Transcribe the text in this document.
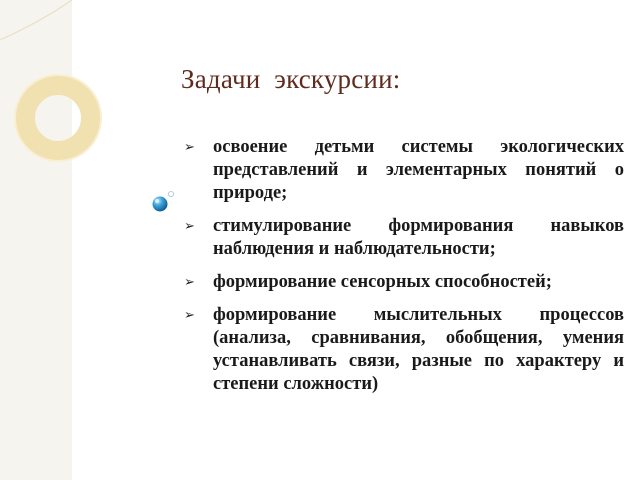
Задачи  экскурсии:
➢ освоение детьми системы экологических представлений и элементарных понятий о природе;
➢ стимулирование формирования навыков наблюдения и наблюдательности;
➢ формирование сенсорных способностей;
➢ формирование мыслительных процессов (анализа, сравнивания, обобщения, умения устанавливать связи, разные по характеру и степени сложности)
